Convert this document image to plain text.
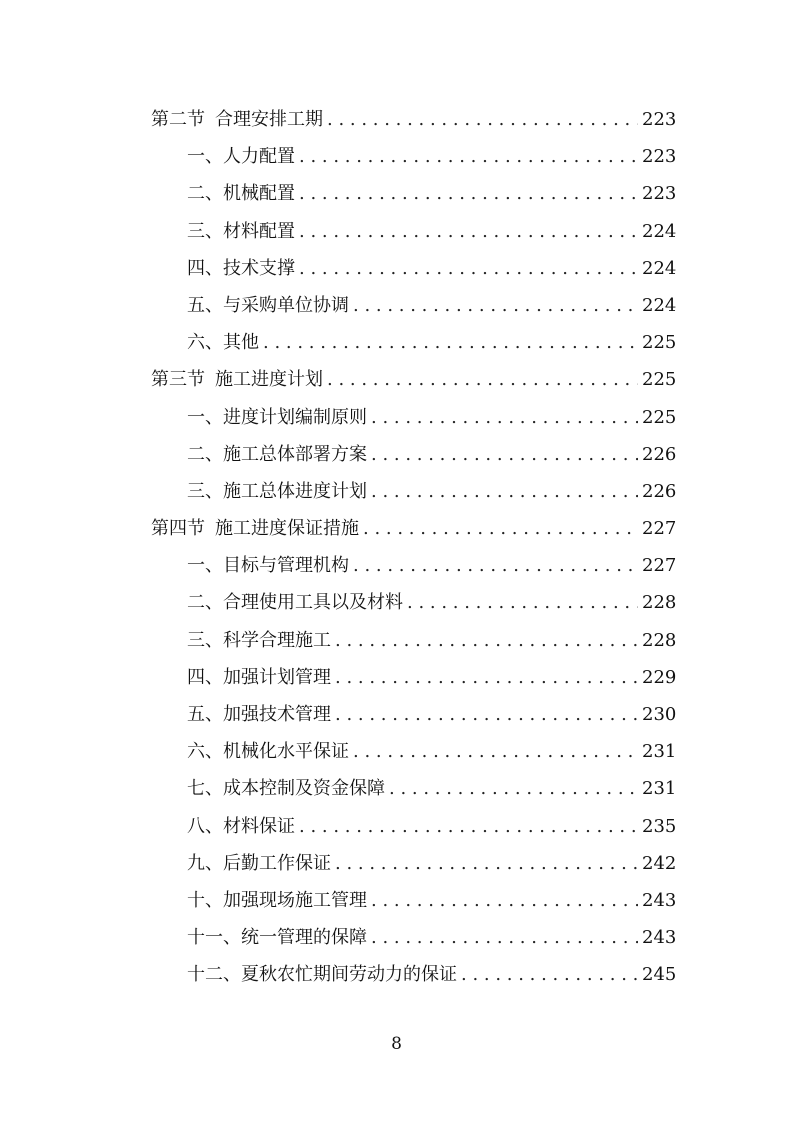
第二节 合理安排工期 . . .	223
一、人力配置 . . .	223
二、机械配置 . . .	223
三、材料配置 . . .	224
四、技术支撑 . . .	224
五、与采购单位协调 . . .	224
六、其他 . . .	225
第三节 施工进度计划 . . .	225
一、进度计划编制原则 . . .	225
二、施工总体部署方案 . . .	226
三、施工总体进度计划 . . .	226
第四节 施工进度保证措施 . . .	227
一、目标与管理机构 . . .	227
二、合理使用工具以及材料 . . .	228
三、科学合理施工 . . .	228
四、加强计划管理 . . .	229
五、加强技术管理 . . .	230
六、机械化水平保证 . . .	231
七、成本控制及资金保障 . . .	231
八、材料保证 . . .	235
九、后勤工作保证 . . .	242
十、加强现场施工管理 . . .	243
十一、统一管理的保障 . . .	243
十二、夏秋农忙期间劳动力的保证 . . .	245
8
